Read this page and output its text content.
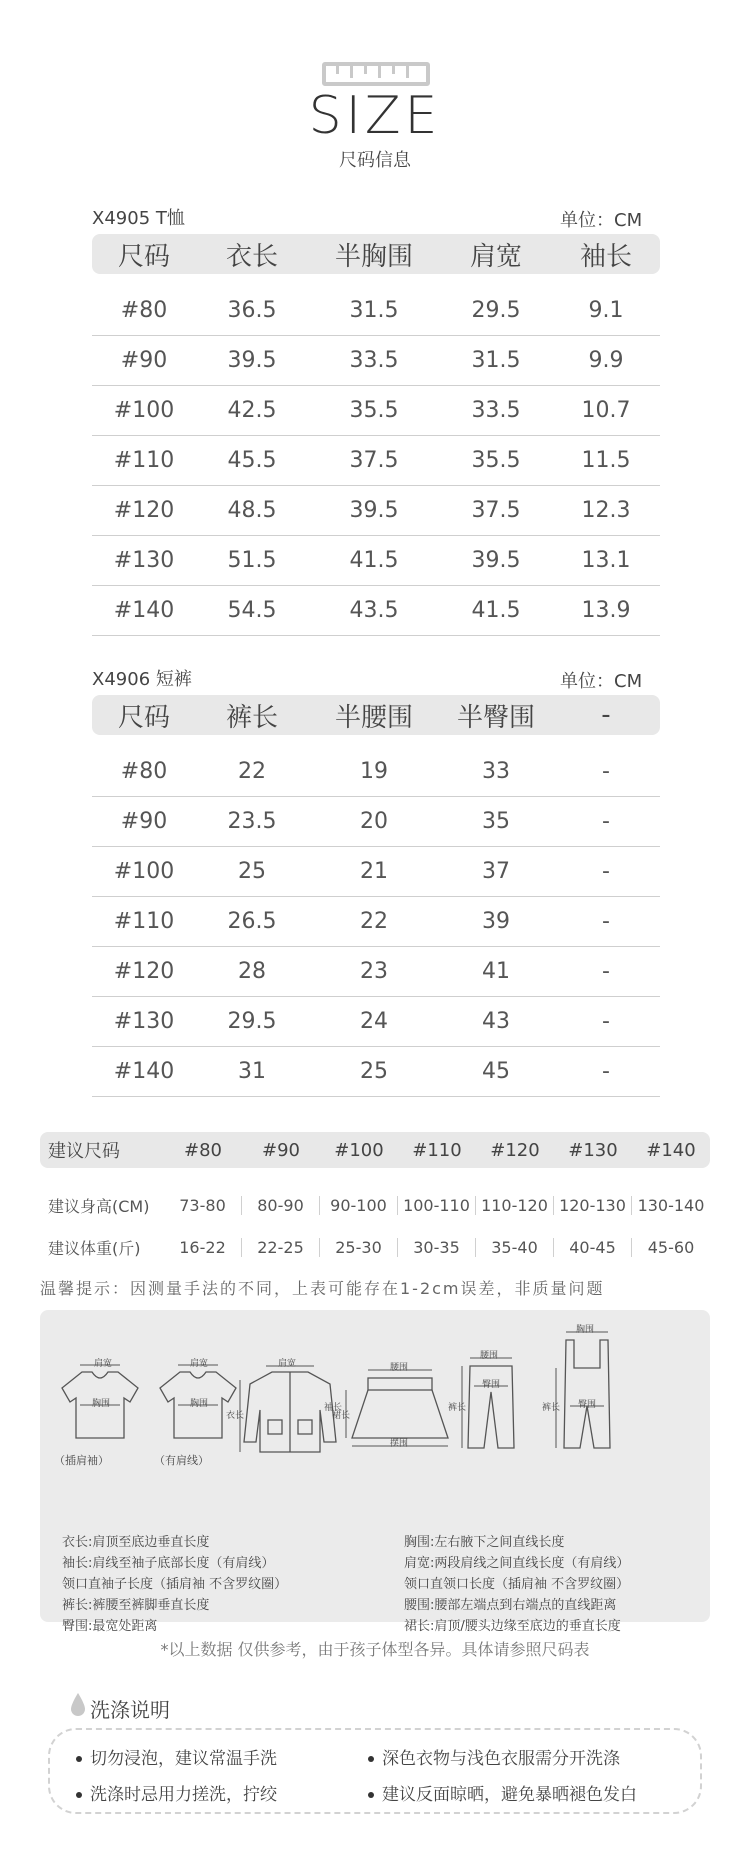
SIZE
尺码信息
X4905 T恤	单位：CM
尺码	衣长	半胸围	肩宽	袖长
#80	36.5	31.5	29.5	9.1
#90	39.5	33.5	31.5	9.9
#100	42.5	35.5	33.5	10.7
#110	45.5	37.5	35.5	11.5
#120	48.5	39.5	37.5	12.3
#130	51.5	41.5	39.5	13.1
#140	54.5	43.5	41.5	13.9
X4906 短裤	单位：CM
尺码	裤长	半腰围	半臀围	-
#80	22	19	33	-
#90	23.5	20	35	-
#100	25	21	37	-
#110	26.5	22	39	-
#120	28	23	41	-
#130	29.5	24	43	-
#140	31	25	45	-
建议尺码	#80	#90	#100	#110	#120	#130	#140
建议身高(CM)	73-80	80-90	90-100	100-110 110-120 120-130 130-140
建议体重(斤)	16-22	22-25	25-30	30-35	35-40	40-45	45-60
温馨提示：因测量手法的不同，上表可能存在1-2cm误差，非质量问题
肩宽
胸围
肩宽
胸围
肩宽
衣长
袖长
腰围
裙长
摆围
腰围
裤长
臀围
胸围
裤长 臀围
（插肩袖）	（有肩线）
衣长:肩顶至底边垂直长度
袖长:肩线至袖子底部长度（有肩线）
领口直袖子长度（插肩袖 不含罗纹圈）
裤长:裤腰至裤脚垂直长度
臀围:最宽处距离
胸围:左右腋下之间直线长度
肩宽:两段肩线之间直线长度（有肩线）
领口直领口长度（插肩袖 不含罗纹圈）
腰围:腰部左端点到右端点的直线距离
裙长:肩顶/腰头边缘至底边的垂直长度
*以上数据 仅供参考，由于孩子体型各异。具体请参照尺码表
洗涤说明
切勿浸泡，建议常温手洗	深色衣物与浅色衣服需分开洗涤
洗涤时忌用力搓洗，拧绞	建议反面晾晒，避免暴晒褪色发白
